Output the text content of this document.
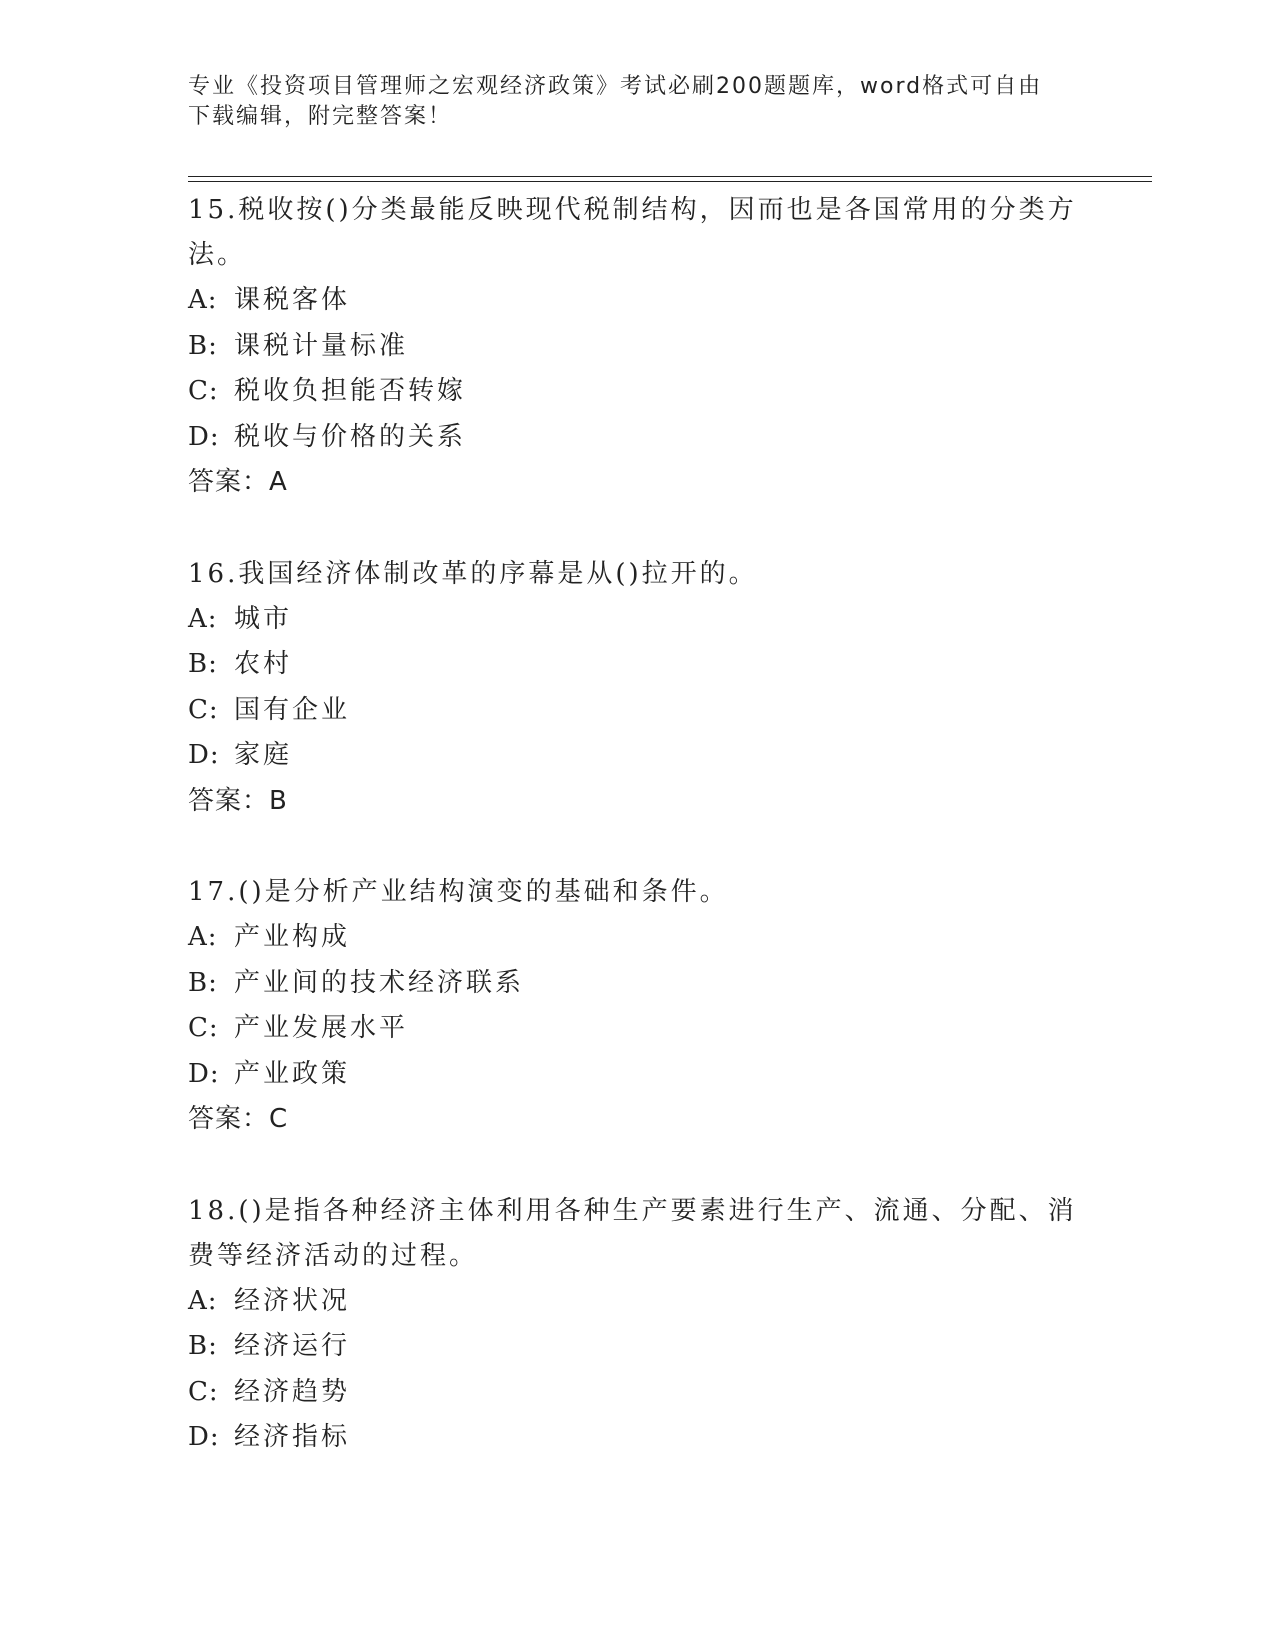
专业《投资项目管理师之宏观经济政策》考试必刷200题题库，word格式可自由
下载编辑，附完整答案！
15.税收按()分类最能反映现代税制结构，因而也是各国常用的分类方
法。
A: 课税客体
B: 课税计量标准
C: 税收负担能否转嫁
D: 税收与价格的关系
答案：A
16.我国经济体制改革的序幕是从()拉开的。
A: 城市
B: 农村
C: 国有企业
D: 家庭
答案：B
17.()是分析产业结构演变的基础和条件。
A: 产业构成
B: 产业间的技术经济联系
C: 产业发展水平
D: 产业政策
答案：C
18.()是指各种经济主体利用各种生产要素进行生产、流通、分配、消
费等经济活动的过程。
A: 经济状况
B: 经济运行
C: 经济趋势
D: 经济指标
